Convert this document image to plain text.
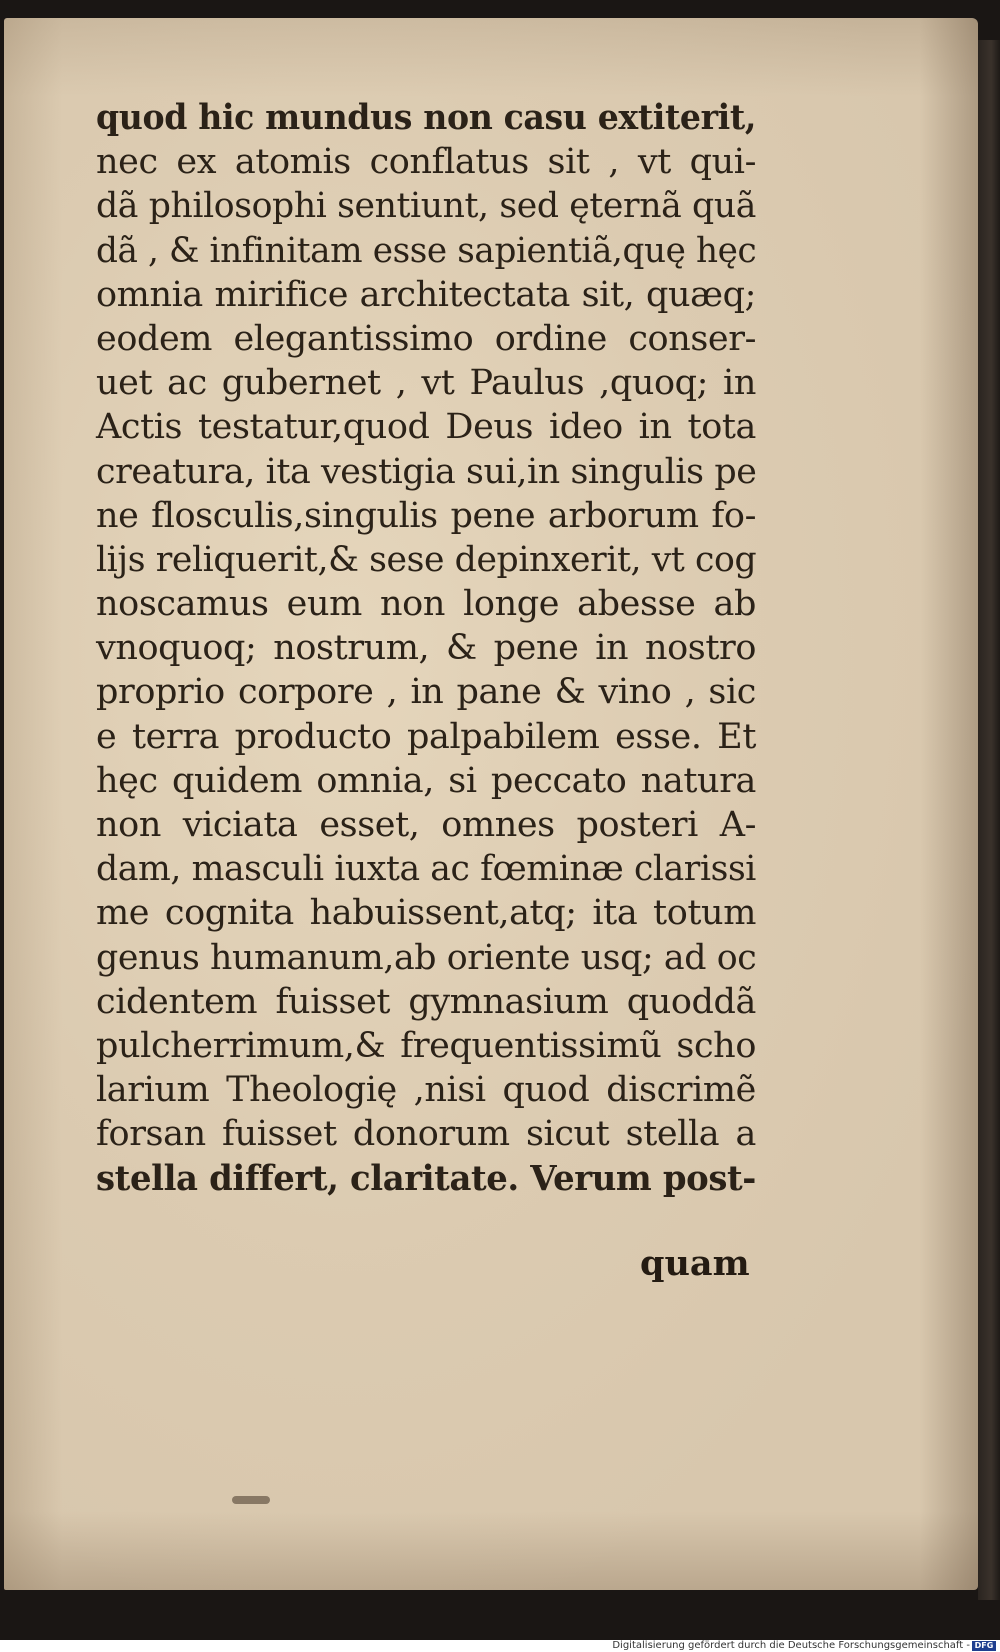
quod hic mundus non casu extiterit,
nec ex atomis conflatus sit , vt qui-
dã philosophi sentiunt, sed ęternã quã
dã , & infinitam esse sapientiã,quę hęc
omnia mirifice architectata sit, quæq;
eodem elegantissimo ordine conser-
uet ac gubernet , vt Paulus ,quoq; in
Actis testatur,quod Deus ideo in tota
creatura, ita vestigia sui,in singulis pe
ne flosculis,singulis pene arborum fo-
lijs reliquerit,& sese depinxerit, vt cog
noscamus eum non longe abesse ab
vnoquoq; nostrum, & pene in nostro
proprio corpore , in pane & vino , sic
e terra producto palpabilem esse. Et
hęc quidem omnia, si peccato natura
non viciata esset, omnes posteri A-
dam, masculi iuxta ac fœminæ clarissi
me cognita habuissent,atq; ita totum
genus humanum,ab oriente usq; ad oc
cidentem fuisset gymnasium quoddã
pulcherrimum,& frequentissimũ scho
larium Theologię ,nisi quod discrimẽ
forsan fuisset donorum sicut stella a
stella differt, claritate. Verum post-
quam
Digitalisierung gefördert durch die Deutsche Forschungsgemeinschaft - DFG
